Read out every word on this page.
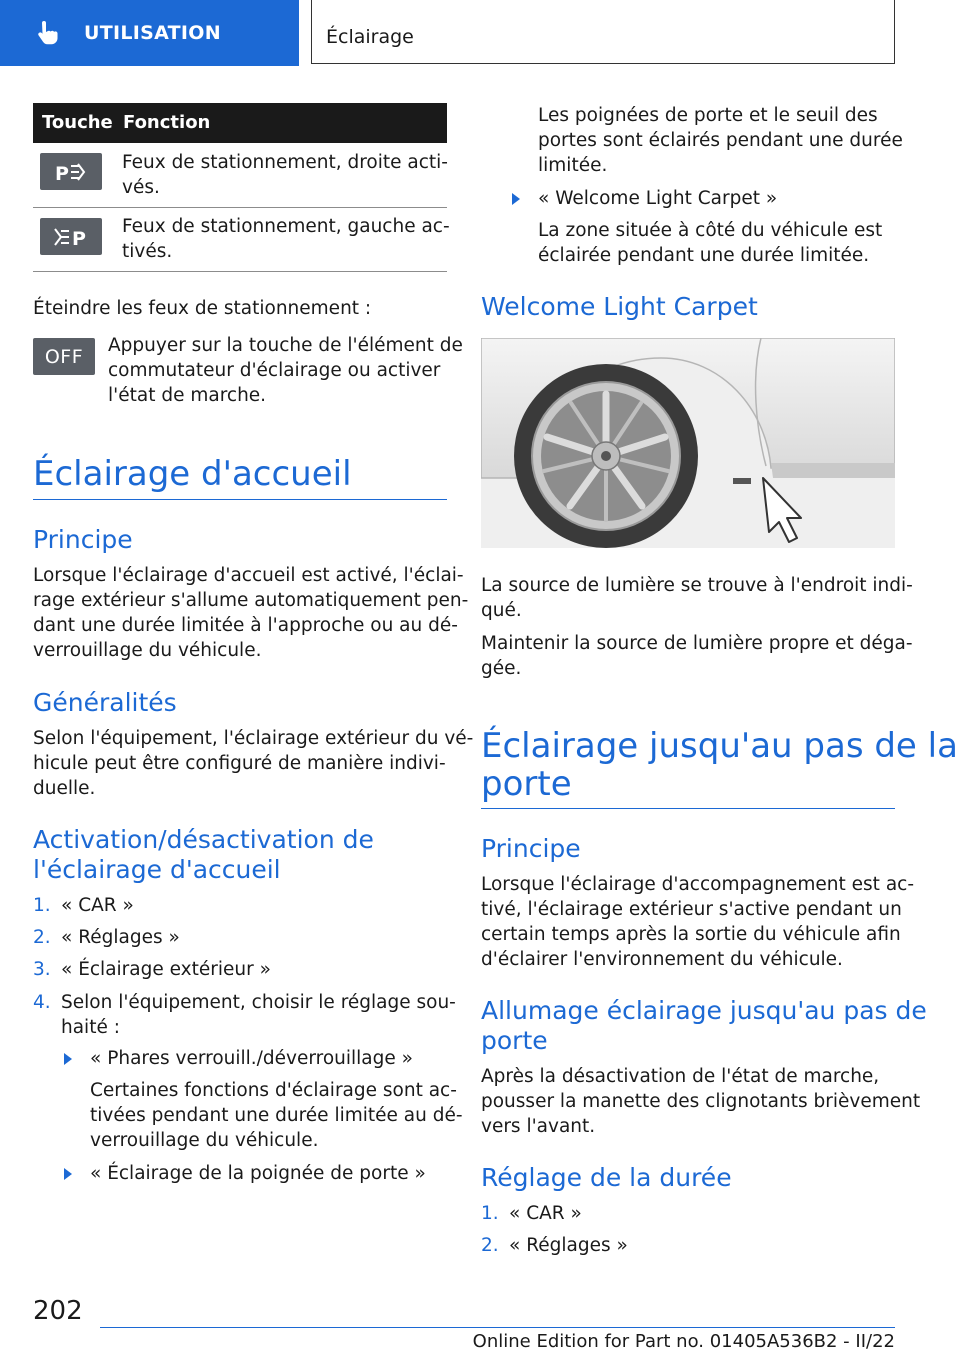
UTILISATION	Éclairage
Touche Fonction
P	Feux de stationnement, droite acti-
vés.
P
Feux de stationnement, gauche ac-
tivés.
Éteindre les feux de stationnement :
OFF Appuyer sur la touche de l'élément de
commutateur d'éclairage ou activer
l'état de marche.
Éclairage d'accueil
Principe
Lorsque l'éclairage d'accueil est activé, l'éclai-
rage extérieur s'allume automatiquement pen-
dant une durée limitée à l'approche ou au dé-
verrouillage du véhicule.
Généralités
Selon l'équipement, l'éclairage extérieur du vé-
hicule peut être configuré de manière indivi-
duelle.
Activation/désactivation de
l'éclairage d'accueil
1. « CAR »
2. « Réglages »
3. « Éclairage extérieur »
4. Selon l'équipement, choisir le réglage sou-
haité :
« Phares verrouill./déverrouillage »
Certaines fonctions d'éclairage sont ac-
tivées pendant une durée limitée au dé-
verrouillage du véhicule.
« Éclairage de la poignée de porte »
Les poignées de porte et le seuil des
portes sont éclairés pendant une durée
limitée.
« Welcome Light Carpet »
La zone située à côté du véhicule est
éclairée pendant une durée limitée.
Welcome Light Carpet
La source de lumière se trouve à l'endroit indi-
qué.
Maintenir la source de lumière propre et déga-
gée.
Éclairage jusqu'au pas de la
porte
Principe
Lorsque l'éclairage d'accompagnement est ac-
tivé, l'éclairage extérieur s'active pendant un
certain temps après la sortie du véhicule afin
d'éclairer l'environnement du véhicule.
Allumage éclairage jusqu'au pas de
porte
Après la désactivation de l'état de marche,
pousser la manette des clignotants brièvement
vers l'avant.
Réglage de la durée
1. « CAR »
2. « Réglages »
202
Online Edition for Part no. 01405A536B2 - II/22
